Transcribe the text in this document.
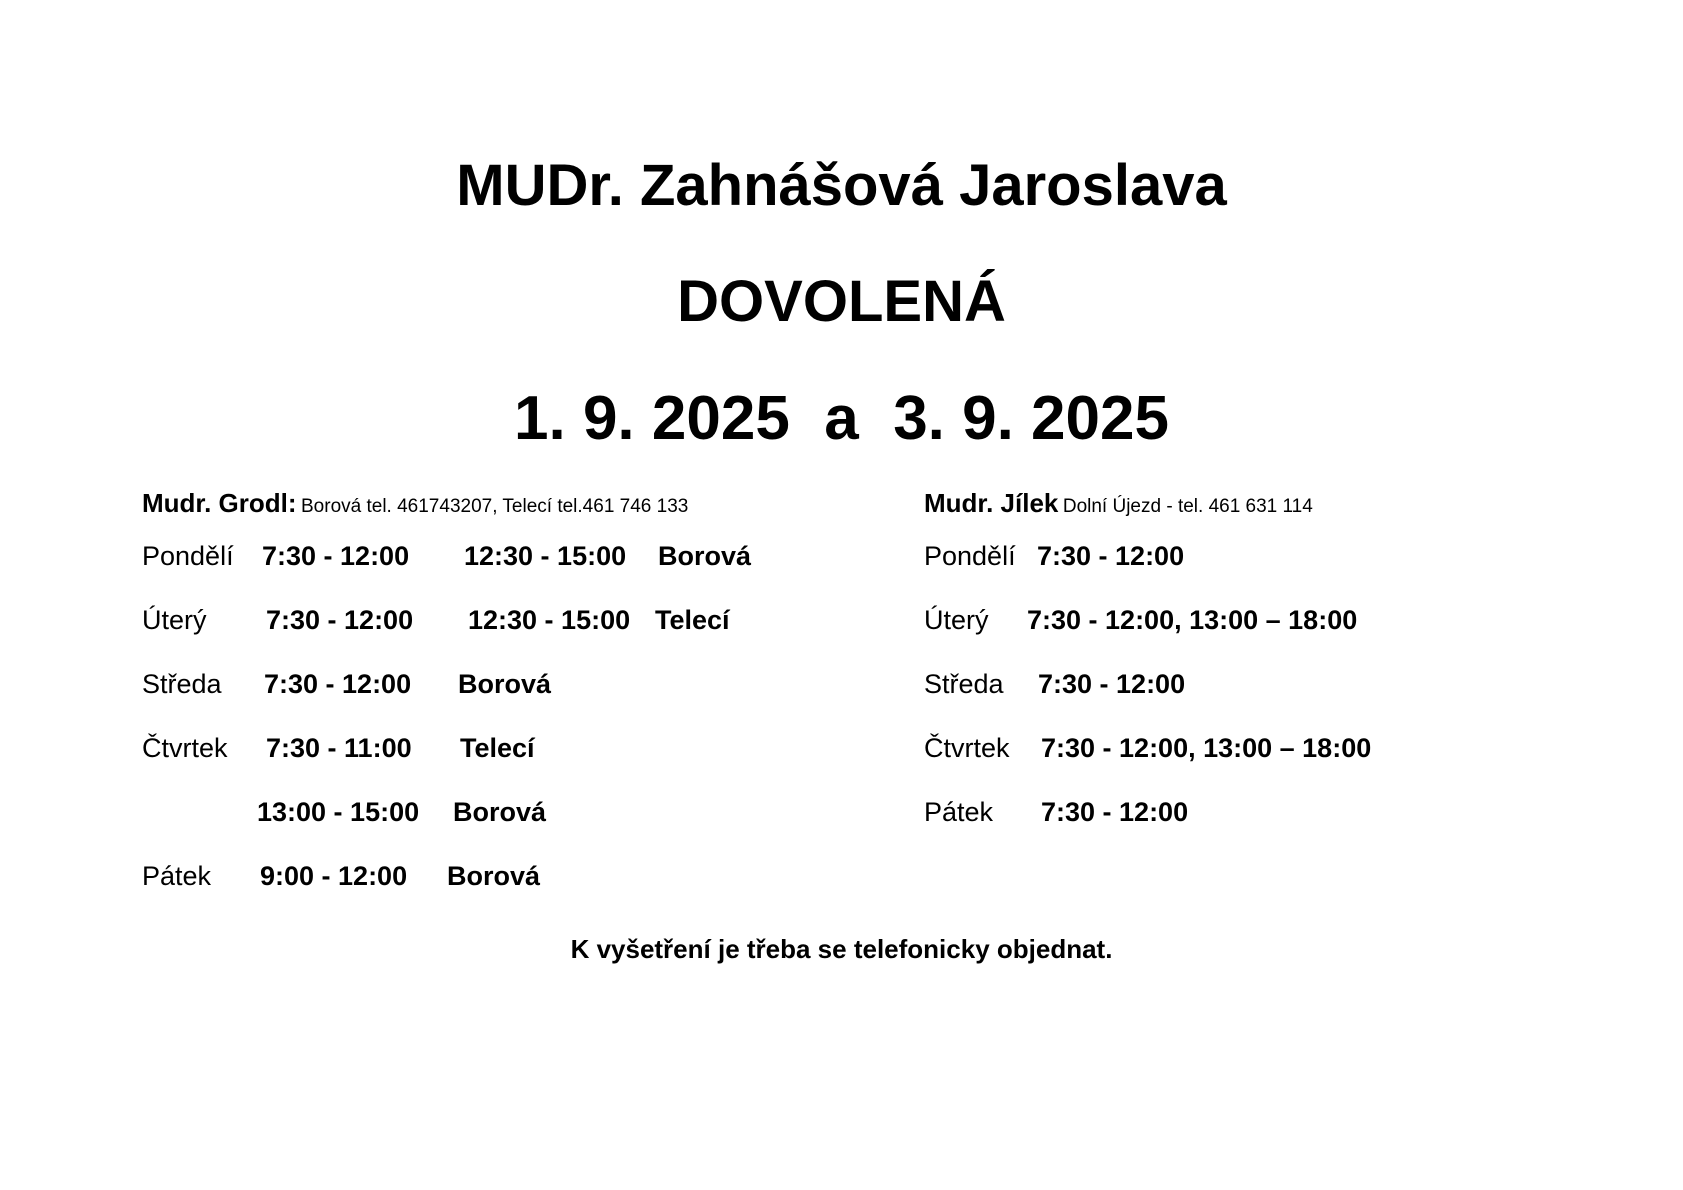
MUDr. Zahnášová Jaroslava
DOVOLENÁ
1. 9. 2025  a  3. 9. 2025
Mudr. Grodl: Borová tel. 461743207, Telecí tel.461 746 133
Pondělí 7:30 - 12:00 12:30 - 15:00 Borová
Úterý 7:30 - 12:00 12:30 - 15:00 Telecí
Středa 7:30 - 12:00 Borová
Čtvrtek 7:30 - 11:00 Telecí
13:00 - 15:00 Borová
Pátek 9:00 - 12:00 Borová
Mudr. Jílek Dolní Újezd - tel. 461 631 114
Pondělí 7:30 - 12:00
Úterý 7:30 - 12:00, 13:00 – 18:00
Středa 7:30 - 12:00
Čtvrtek 7:30 - 12:00, 13:00 – 18:00
Pátek 7:30 - 12:00
K vyšetření je třeba se telefonicky objednat.
